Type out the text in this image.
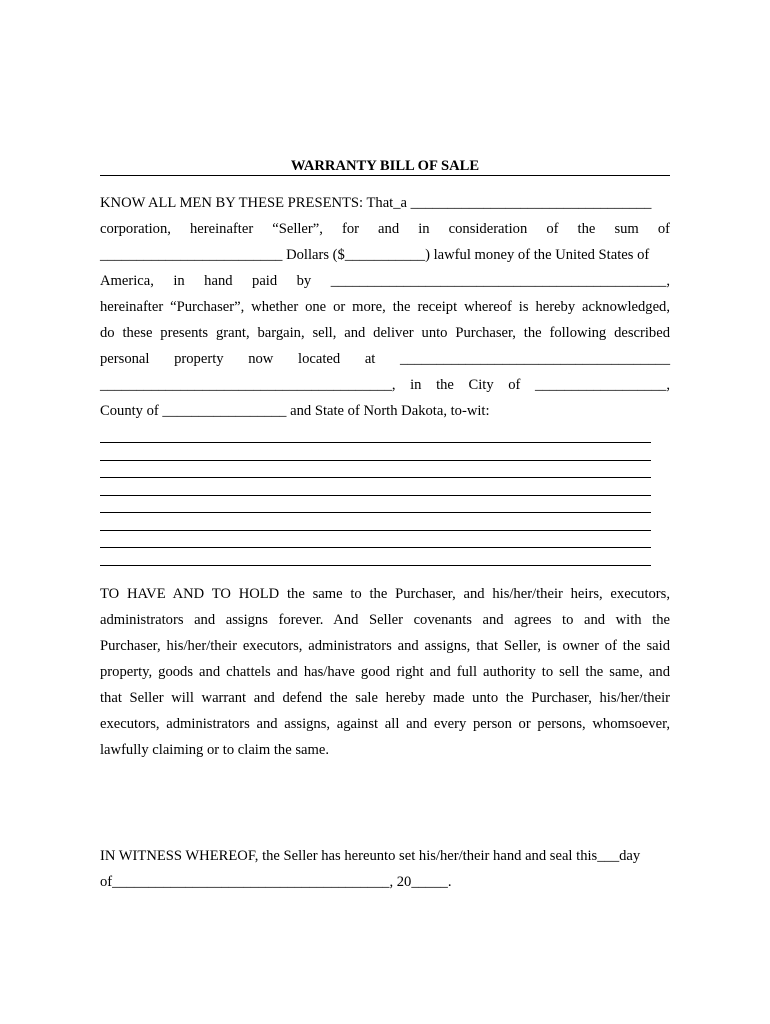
WARRANTY BILL OF SALE
KNOW ALL MEN BY THESE PRESENTS: That_a _________________________________
corporation, hereinafter “Seller”, for and in consideration of the sum of
_________________________ Dollars ($___________) lawful money of the United States of
America, in hand paid by ______________________________________________,
hereinafter “Purchaser”, whether one or more, the receipt whereof is hereby acknowledged,
do these presents grant, bargain, sell, and deliver unto Purchaser, the following described
personal property now located at _____________________________________
________________________________________, in the City of __________________,
County of _________________ and State of North Dakota, to-wit:
TO HAVE AND TO HOLD the same to the Purchaser, and his/her/their heirs, executors,
administrators and assigns forever. And Seller covenants and agrees to and with the
Purchaser, his/her/their executors, administrators and assigns, that Seller, is owner of the said
property, goods and chattels and has/have good right and full authority to sell the same, and
that Seller will warrant and defend the sale hereby made unto the Purchaser, his/her/their
executors, administrators and assigns, against all and every person or persons, whomsoever,
lawfully claiming or to claim the same.
IN WITNESS WHEREOF, the Seller has hereunto set his/her/their hand and seal this___day
of______________________________________, 20_____.
